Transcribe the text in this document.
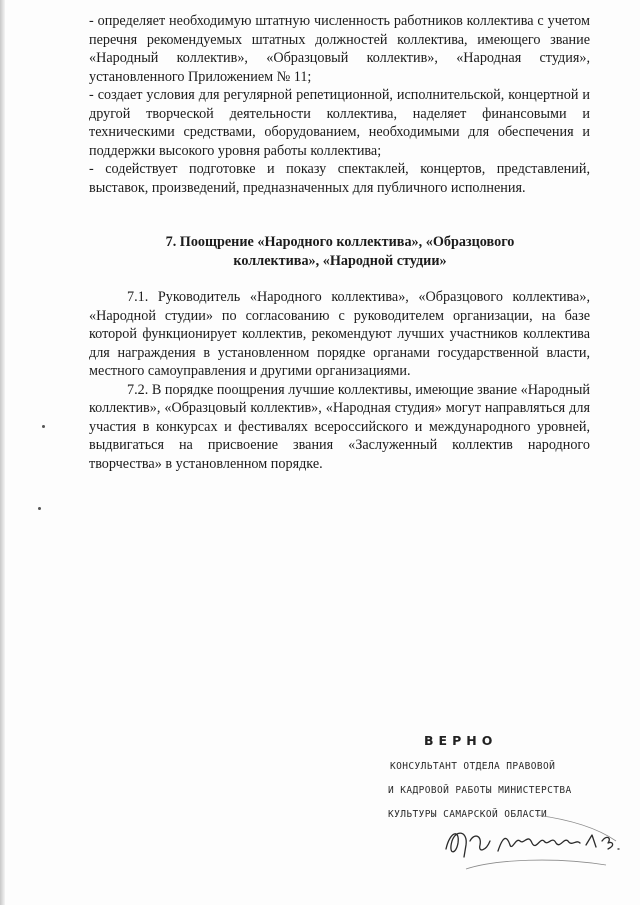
- определяет необходимую штатную численность работников коллектива с учетом перечня рекомендуемых штатных должностей коллектива, имеющего звание «Народный коллектив», «Образцовый коллектив», «Народная студия», установленного Приложением № 11;

- создает условия для регулярной репетиционной, исполнительской, концертной и другой творческой деятельности коллектива, наделяет финансовыми и техническими средствами, оборудованием, необходимыми для обеспечения и поддержки высокого уровня работы коллектива;

- содействует подготовке и показу спектаклей, концертов, представлений, выставок, произведений, предназначенных для публичного исполнения.

7. Поощрение «Народного коллектива», «Образцового
коллектива», «Народной студии»

7.1. Руководитель «Народного коллектива», «Образцового коллектива», «Народной студии» по согласованию с руководителем организации, на базе которой функционирует коллектив, рекомендуют лучших участников коллектива для награждения в установленном порядке органами государственной власти, местного самоуправления и другими организациями.

7.2. В порядке поощрения лучшие коллективы, имеющие звание «Народный коллектив», «Образцовый коллектив», «Народная студия» могут направляться для участия в конкурсах и фестивалях всероссийского и международного уровней, выдвигаться на присвоение звания «Заслуженный коллектив народного творчества» в установленном порядке.

ВЕРНО
КОНСУЛЬТАНТ ОТДЕЛА ПРАВОВОЙ
И КАДРОВОЙ РАБОТЫ МИНИСТЕРСТВА
КУЛЬТУРЫ САМАРСКОЙ ОБЛАСТИ
